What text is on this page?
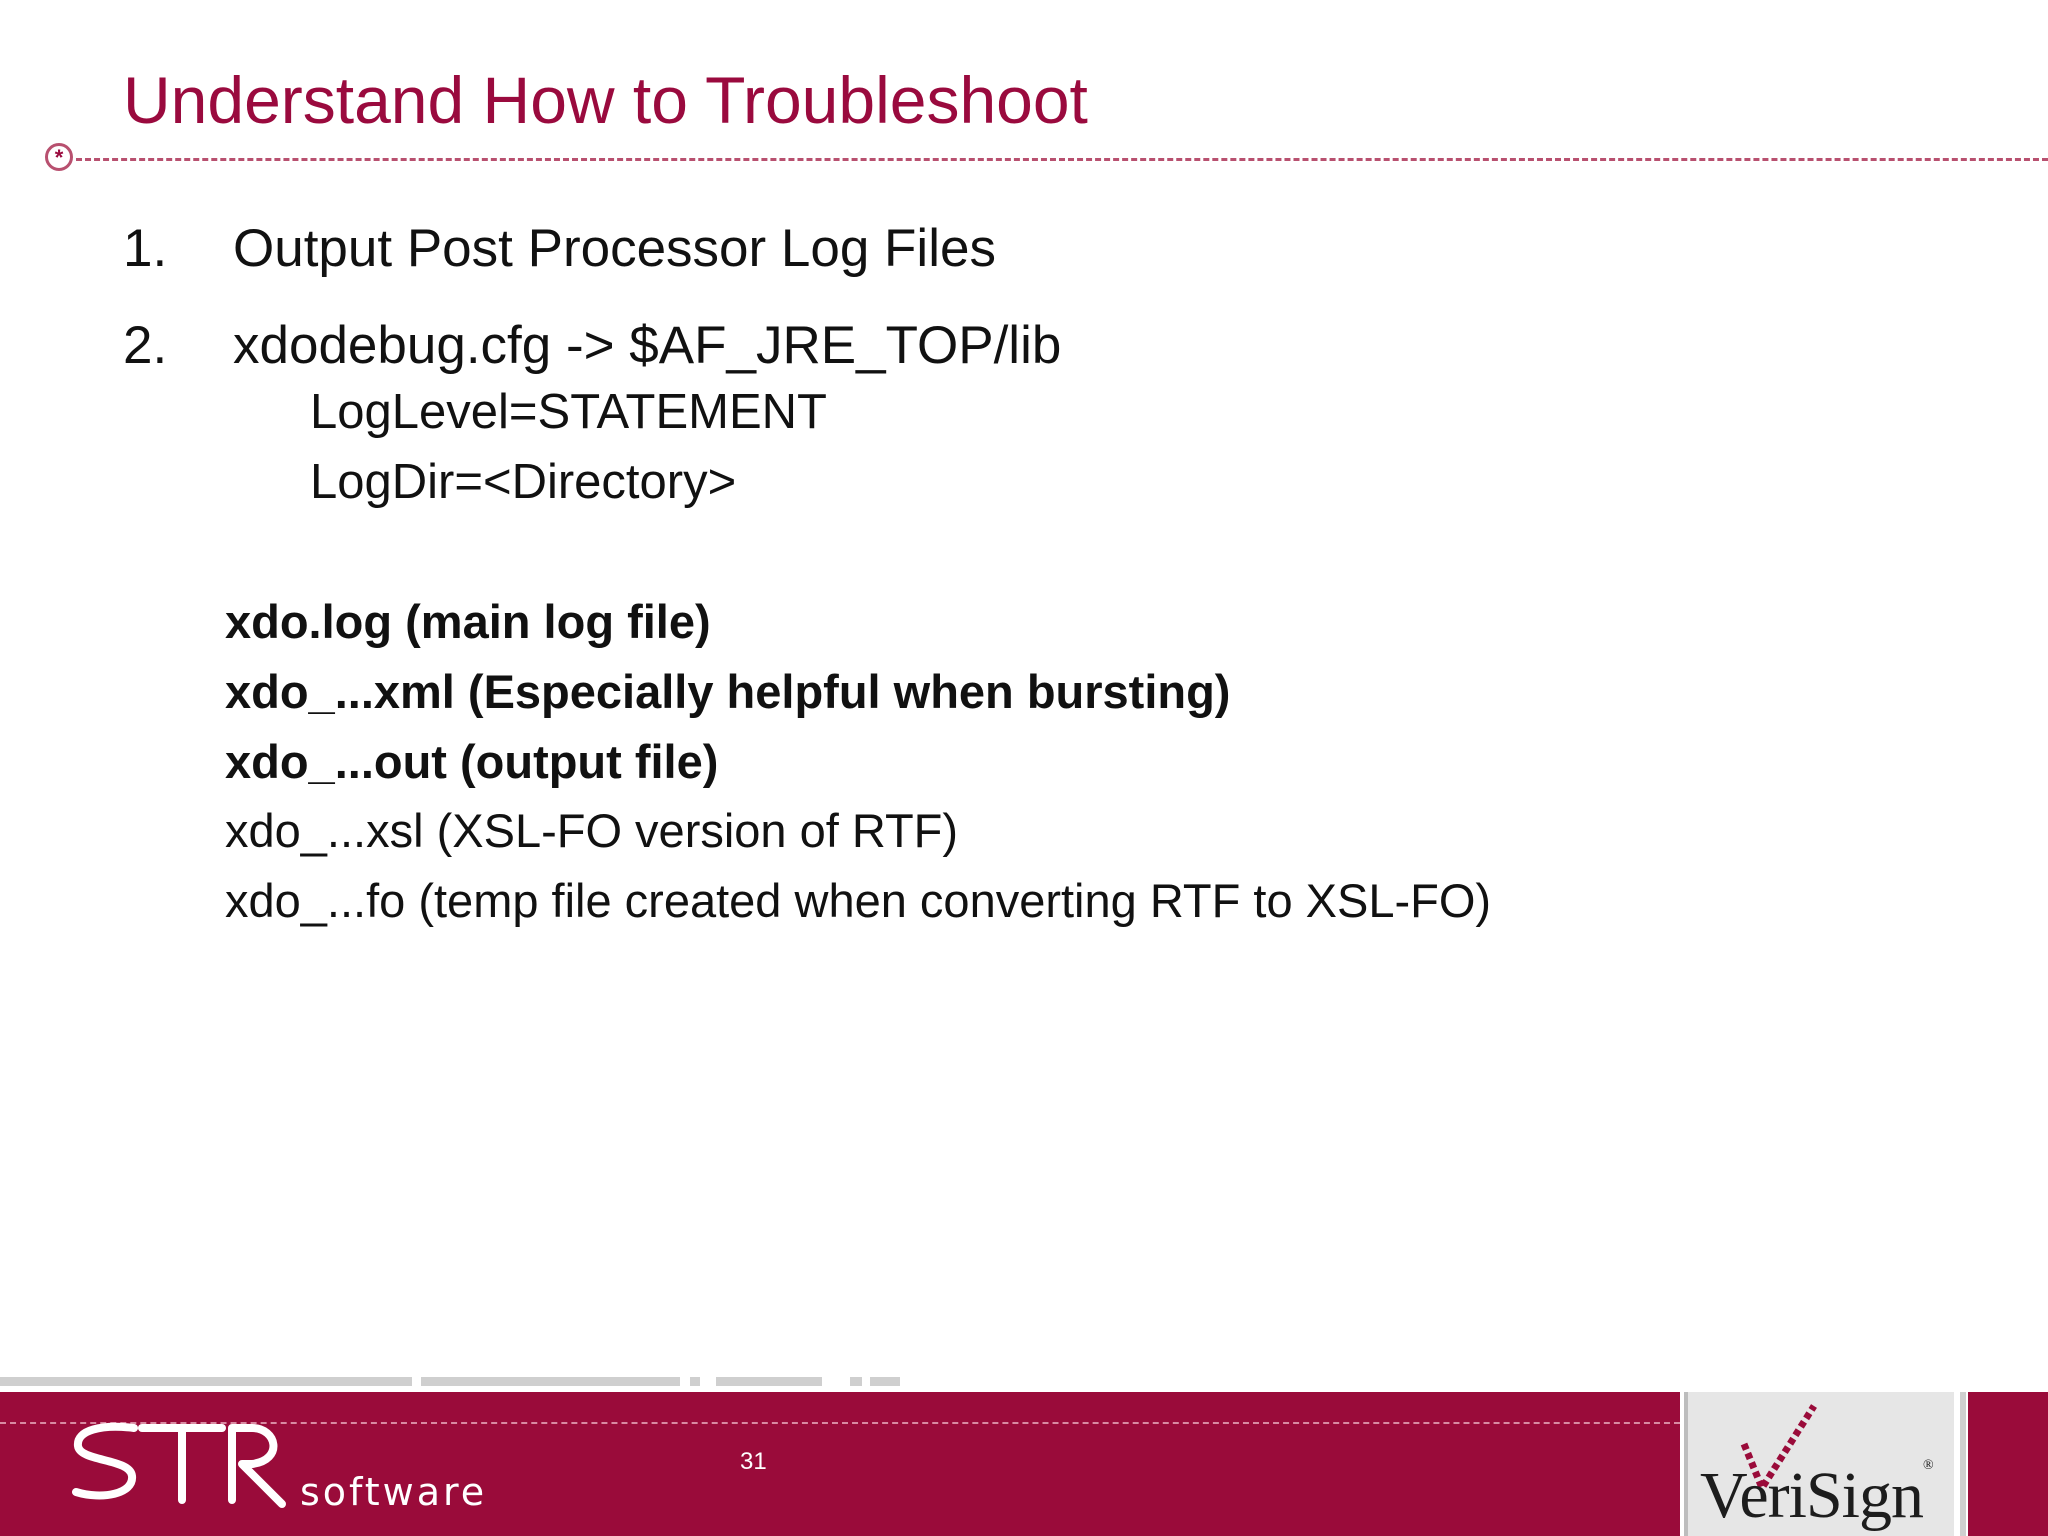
Understand How to Troubleshoot
*
1. Output Post Processor Log Files
2. xdodebug.cfg -> $AF_JRE_TOP/lib
LogLevel=STATEMENT
LogDir=<Directory>
xdo.log (main log file)
xdo_...xml (Especially helpful when bursting)
xdo_...out (output file)
xdo_...xsl (XSL-FO version of RTF)
xdo_...fo (temp file created when converting RTF to XSL-FO)
software
31	VeriSign®
